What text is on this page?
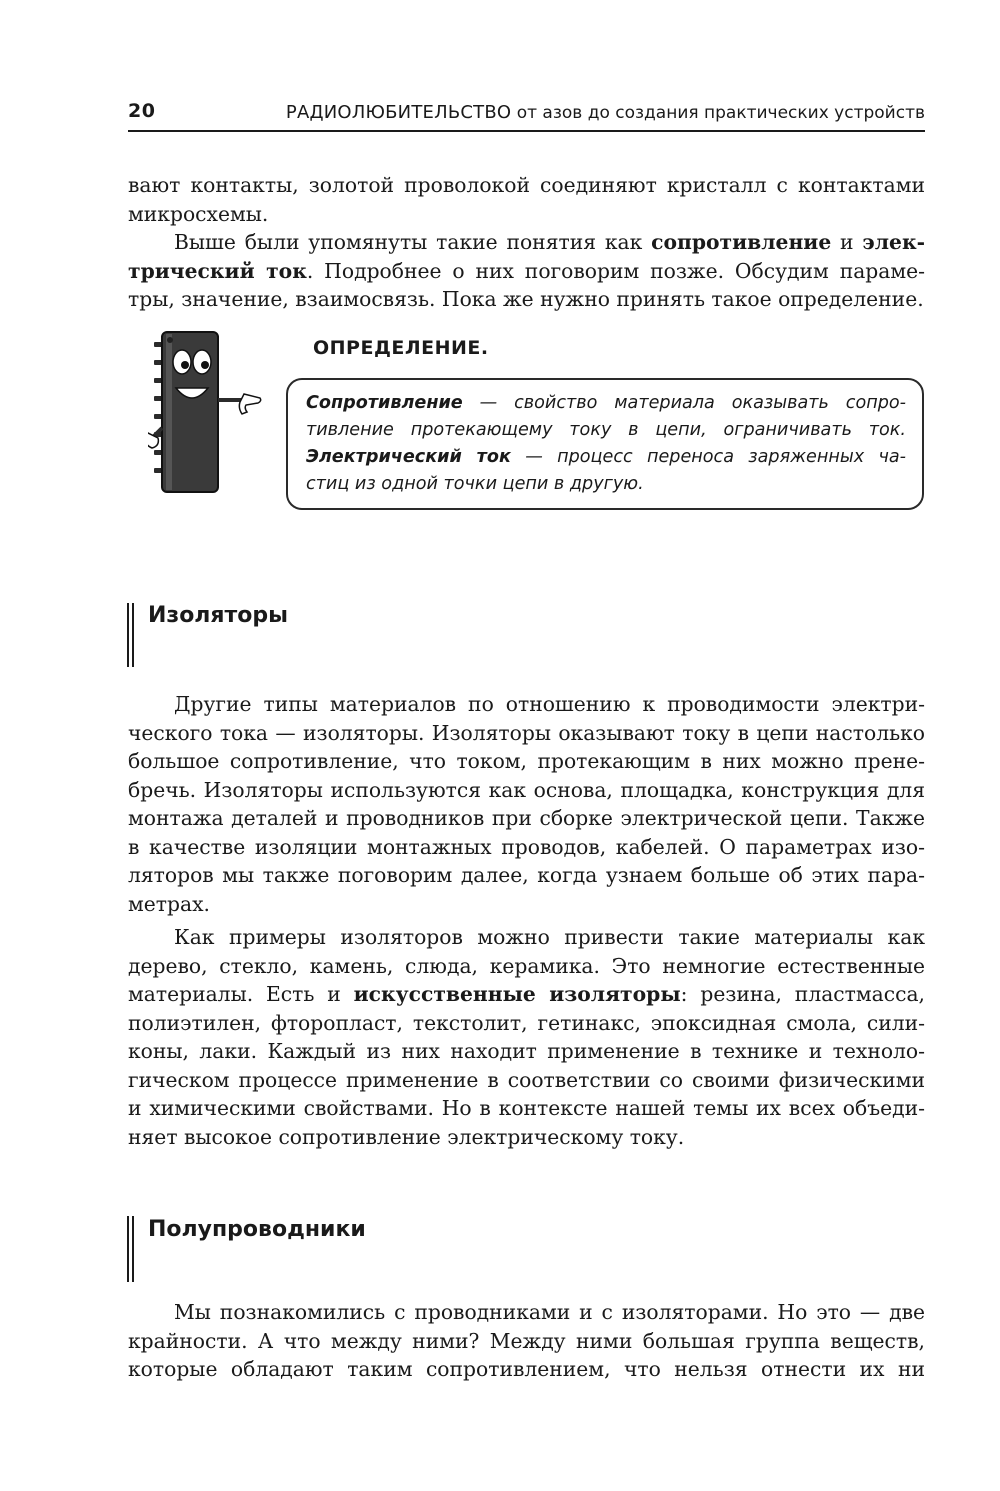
20	РАДИОЛЮБИТЕЛЬСТВО от азов до создания практических устройств

вают контакты, золотой проволокой соединяют кристалл с контактами
микросхемы.

Выше были упомянуты такие понятия как сопротивление и элек-
трический ток. Подробнее о них поговорим позже. Обсудим параме-
тры, значение, взаимосвязь. Пока же нужно принять такое определение.

ОПРЕДЕЛЕНИЕ.

Сопротивление — свойство материала оказывать сопро-
тивление протекающему току в цепи, ограничивать ток.
Электрический ток — процесс переноса заряженных ча-
стиц из одной точки цепи в другую.

Изоляторы

Другие типы материалов по отношению к проводимости электри-
ческого тока — изоляторы. Изоляторы оказывают току в цепи настолько
большое сопротивление, что током, протекающим в них можно прене-
бречь. Изоляторы используются как основа, площадка, конструкция для
монтажа деталей и проводников при сборке электрической цепи. Также
в качестве изоляции монтажных проводов, кабелей. О параметрах изо-
ляторов мы также поговорим далее, когда узнаем больше об этих пара-
метрах.

Как примеры изоляторов можно привести такие материалы как
дерево, стекло, камень, слюда, керамика. Это немногие естественные
материалы. Есть и искусственные изоляторы: резина, пластмасса,
полиэтилен, фторопласт, текстолит, гетинакс, эпоксидная смола, сили-
коны, лаки. Каждый из них находит применение в технике и техноло-
гическом процессе применение в соответствии со своими физическими
и химическими свойствами. Но в контексте нашей темы их всех объеди-
няет высокое сопротивление электрическому току.

Полупроводники

Мы познакомились с проводниками и с изоляторами. Но это — две
крайности. А что между ними? Между ними большая группа веществ,
которые обладают таким сопротивлением, что нельзя отнести их ни
